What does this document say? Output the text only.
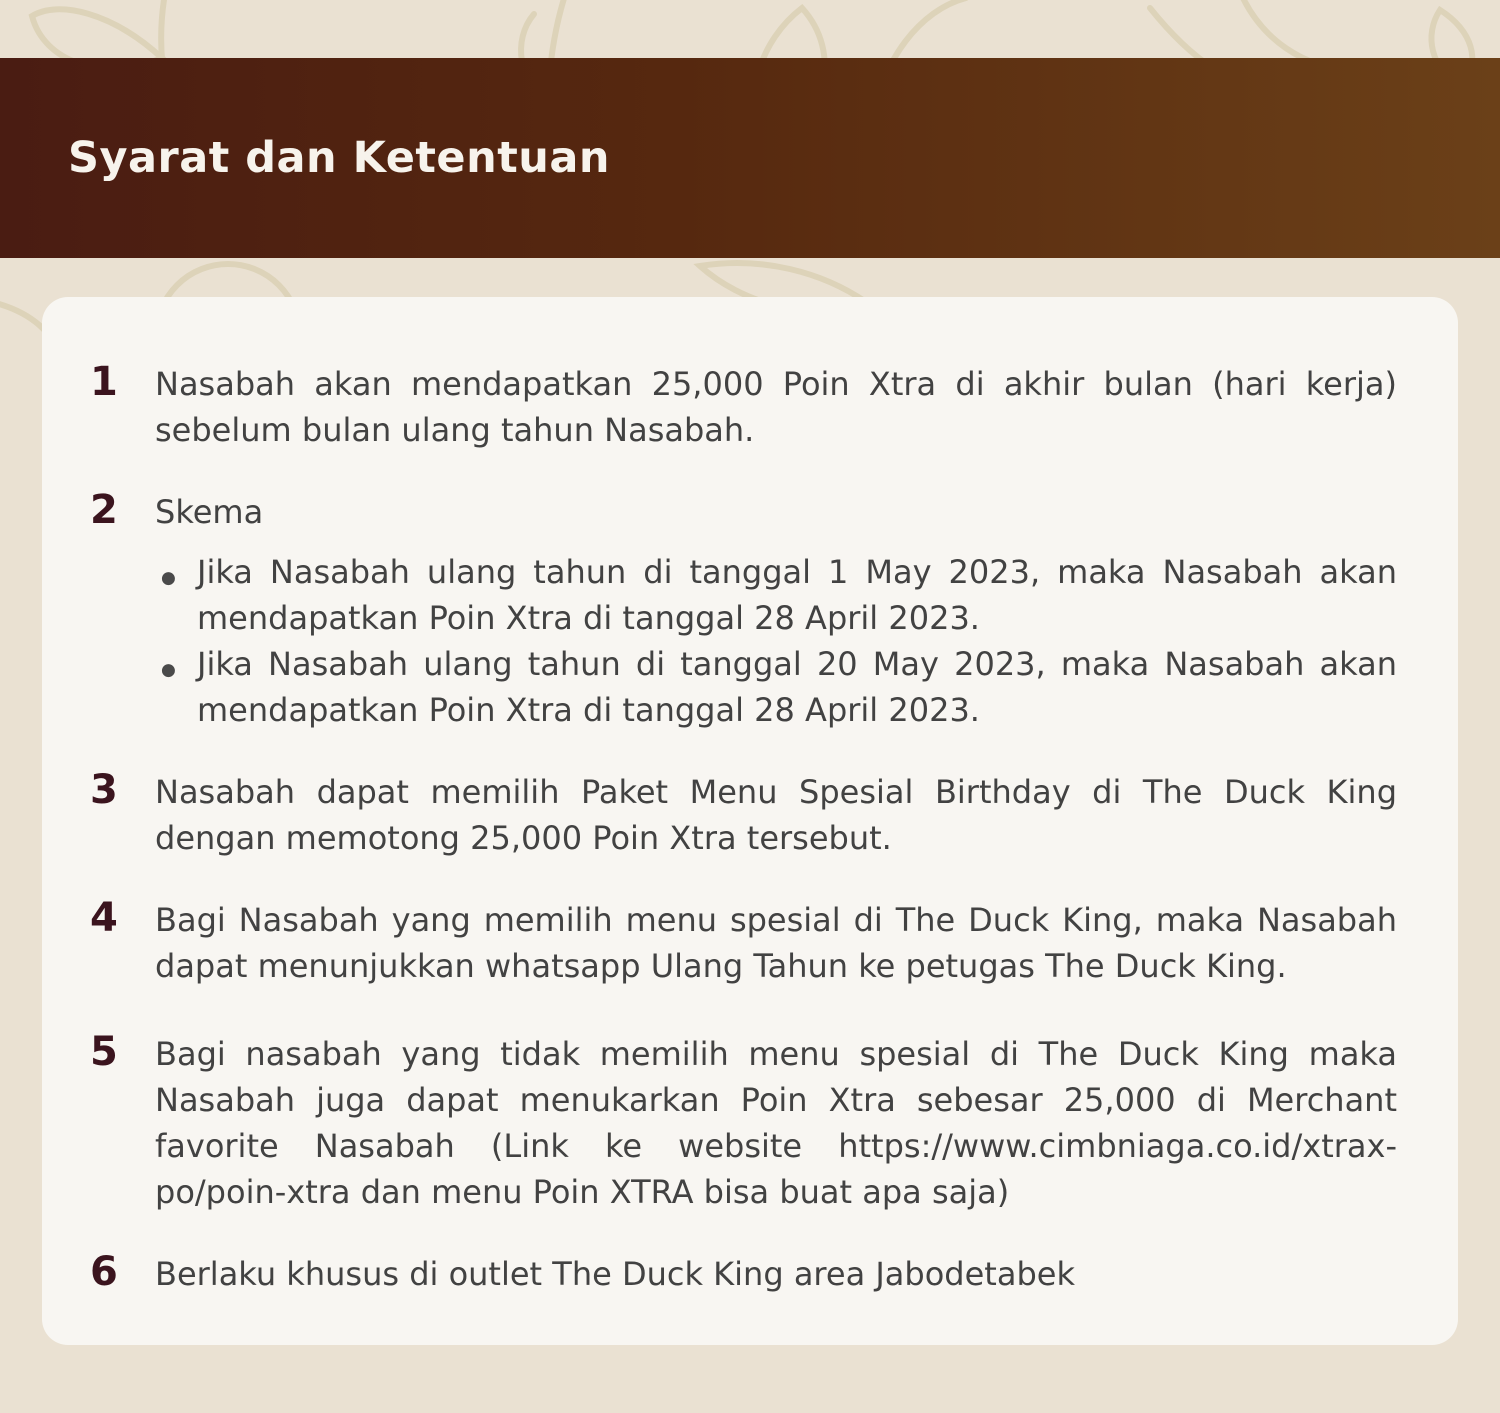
Syarat dan Ketentuan
1	Nasabah akan mendapatkan 25,000 Poin Xtra di akhir bulan (hari kerja) sebelum bulan ulang tahun Nasabah.

2	Skema

● Jika Nasabah ulang tahun di tanggal 1 May 2023, maka Nasabah akan mendapatkan Poin Xtra di tanggal 28 April 2023.

● Jika Nasabah ulang tahun di tanggal 20 May 2023, maka Nasabah akan mendapatkan Poin Xtra di tanggal 28 April 2023.

3	Nasabah dapat memilih Paket Menu Spesial Birthday di The Duck King dengan memotong 25,000 Poin Xtra tersebut.

4	Bagi Nasabah yang memilih menu spesial di The Duck King, maka Nasabah dapat menunjukkan whatsapp Ulang Tahun ke petugas The Duck King.

5	Bagi nasabah yang tidak memilih menu spesial di The Duck King maka Nasabah juga dapat menukarkan Poin Xtra sebesar 25,000 di Merchant favorite Nasabah (Link ke website https://www.cimbniaga.co.id/xtrax-po/poin-xtra dan menu Poin XTRA bisa buat apa saja)

6	Berlaku khusus di outlet The Duck King area Jabodetabek
